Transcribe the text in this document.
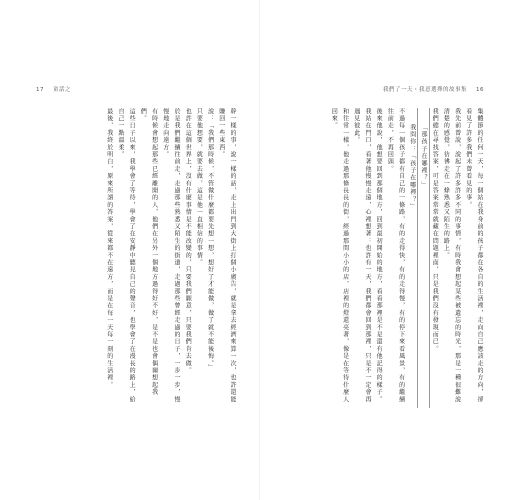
17 童話之

幹一樣的事，說一樣的話，走上出門到大街上打個小廣告，就是拿去經濟來算一次，也許還能賺回一些東西。

說：「我們那時候，不管做什麼都要先想一想，想好了才能做，做了就不能後悔。」

只要他想要，就要去做，這是他一直相信的事情。

也許在這個世界上，沒有什麼事情是不能改變的，只要我們願意，只要我們肯去做。

於是我們繼續往前走，走過那些熟悉又陌生的街道，走過那些曾經走過的日子，一步一步，慢慢地走向遠方。

有時候會想起那些已經離開的人，他們在另外一個地方過得好不好，是不是也會偶爾想起我們。

這些日子以來，我學會了等待，學會了在安靜中聽見自己的聲音，也學會了在漫長的路上，給自己一點溫柔。

最後，我終於明白，原來所謂的答案，從來都不在遠方，而是在每一天每一刻的生活裡。

我們了一天・我意選擇的故事集 16

集體節的任何一天，每一個站在我身前的孩子都在各自的生活裡，走向自己應該走的方向，卻看見了許多我們未曾看見的事。

我先前曾說，說起了許多許多不同的事情，有時我會想起某些被遺忘的時光，那是一種很難說清楚的感覺，彷彿走在一條熟悉又陌生的路上。

我們總在尋找答案，可是答案常常就藏在問題裡面，只是我們沒有發現而已。

「那孩子在哪裡？」

我問你：「孩子在哪裡？」

不過每一個孩子都有自己的一條路，有的走得快，有的走得慢，有的停下來看風景，有的繼續往前走，不再回頭。

後來他說，他想要回到那個地方，回到最初開始的地方，看看那裡是不是還有他記得的樣子。

我站在門口，看著他慢慢走遠，心裡想著：也許有一天，我們都會回到那裡，只是不一定會再遇見彼此。

和往常一樣，他走過那條長長的街，經過那間小小的店，店裡的燈還亮著，像是在等待什麼人回來。
